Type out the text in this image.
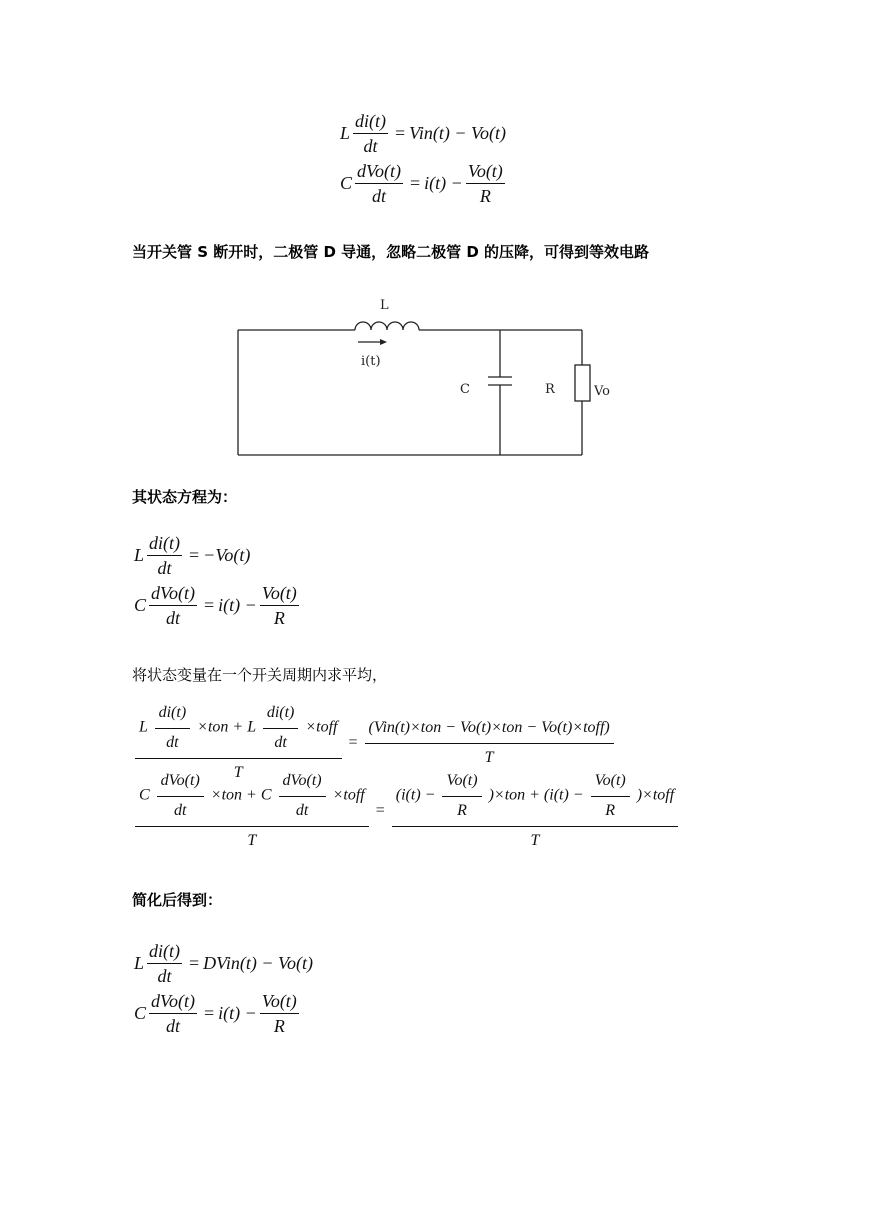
L $\frac{di(t)}{dt} = Vin(t) - Vo(t)$
C $\frac{\text{dVo(t)}}{dt} = i(t) - \frac{Vo(t)}{R}$
当开关管 S 断开时，二极管 D 导通，忽略二极管 D 的压降，可得到等效电路
L
i(t)
C	R	Vo
其状态方程为：
L $\frac{di(t)}{dt} = -Vo(t)$
C $\frac{\text{dVo(t)}}{dt} = i(t) - \frac{Vo(t)}{R}$
将状态变量在一个开关周期内求平均，
L $\frac{di(t)}{dt} \times ton + L \frac{di(t)}{dt}$ ×toff
T
= $\frac{\text{(Vin(t)×ton − Vo(t)×ton − Vo(t)×toff)}}{T}$
C $\frac{\text{dVo(t)}}{dt} \times ton + C \frac{\text{dVo(t)}}{dt}$ ×toff
T
=
$(i(t) - \frac{Vo(t)}{R} )\times ton + (i(t) - \frac{Vo(t)}{R}$ )×toff
T
简化后得到：
L $\frac{di(t)}{dt}$ = DVin(t) − Vo(t)
C $\frac{\text{dVo(t)}}{dt} = i(t) - \frac{Vo(t)}{R}$
